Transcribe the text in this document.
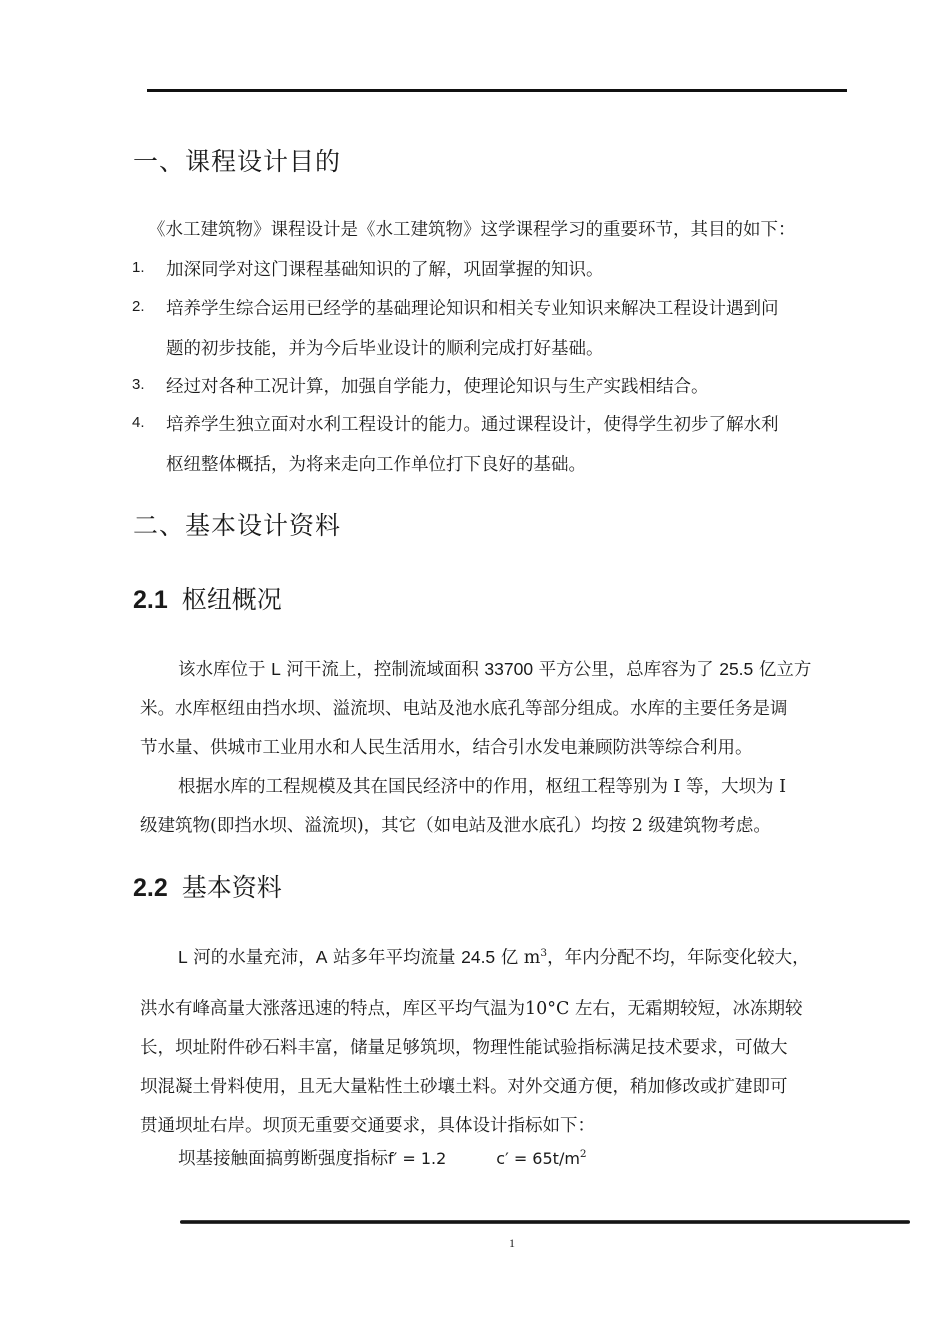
一、课程设计目的
《水工建筑物》课程设计是《水工建筑物》这学课程学习的重要环节，其目的如下：
1. 加深同学对这门课程基础知识的了解，巩固掌握的知识。
2. 培养学生综合运用已经学的基础理论知识和相关专业知识来解决工程设计遇到问
题的初步技能，并为今后毕业设计的顺利完成打好基础。
3. 经过对各种工况计算，加强自学能力，使理论知识与生产实践相结合。
4. 培养学生独立面对水利工程设计的能力。通过课程设计，使得学生初步了解水利
枢纽整体概括，为将来走向工作单位打下良好的基础。
二、基本设计资料
2.1 枢纽概况
该水库位于 L 河干流上，控制流域面积 33700 平方公里，总库容为了 25.5 亿立方
米。水库枢纽由挡水坝、溢流坝、电站及池水底孔等部分组成。水库的主要任务是调
节水量、供城市工业用水和人民生活用水，结合引水发电兼顾防洪等综合利用。
根据水库的工程规模及其在国民经济中的作用，枢纽工程等别为 Ⅰ 等，大坝为 Ⅰ
级建筑物(即挡水坝、溢流坝)，其它（如电站及泄水底孔）均按 2 级建筑物考虑。
2.2 基本资料
L 河的水量充沛，A 站多年平均流量 24.5 亿 $m^3$，年内分配不均，年际变化较大，
洪水有峰高量大涨落迅速的特点，库区平均气温为10°C 左右，无霜期较短，冰冻期较
长，坝址附件砂石料丰富，储量足够筑坝，物理性能试验指标满足技术要求，可做大
坝混凝土骨料使用，且无大量粘性土砂壤土料。对外交通方便，稍加修改或扩建即可
贯通坝址右岸。坝顶无重要交通要求，具体设计指标如下：
坝基接触面搞剪断强度指标f′ = 1.2	$c' = 65t/m^2$
1
